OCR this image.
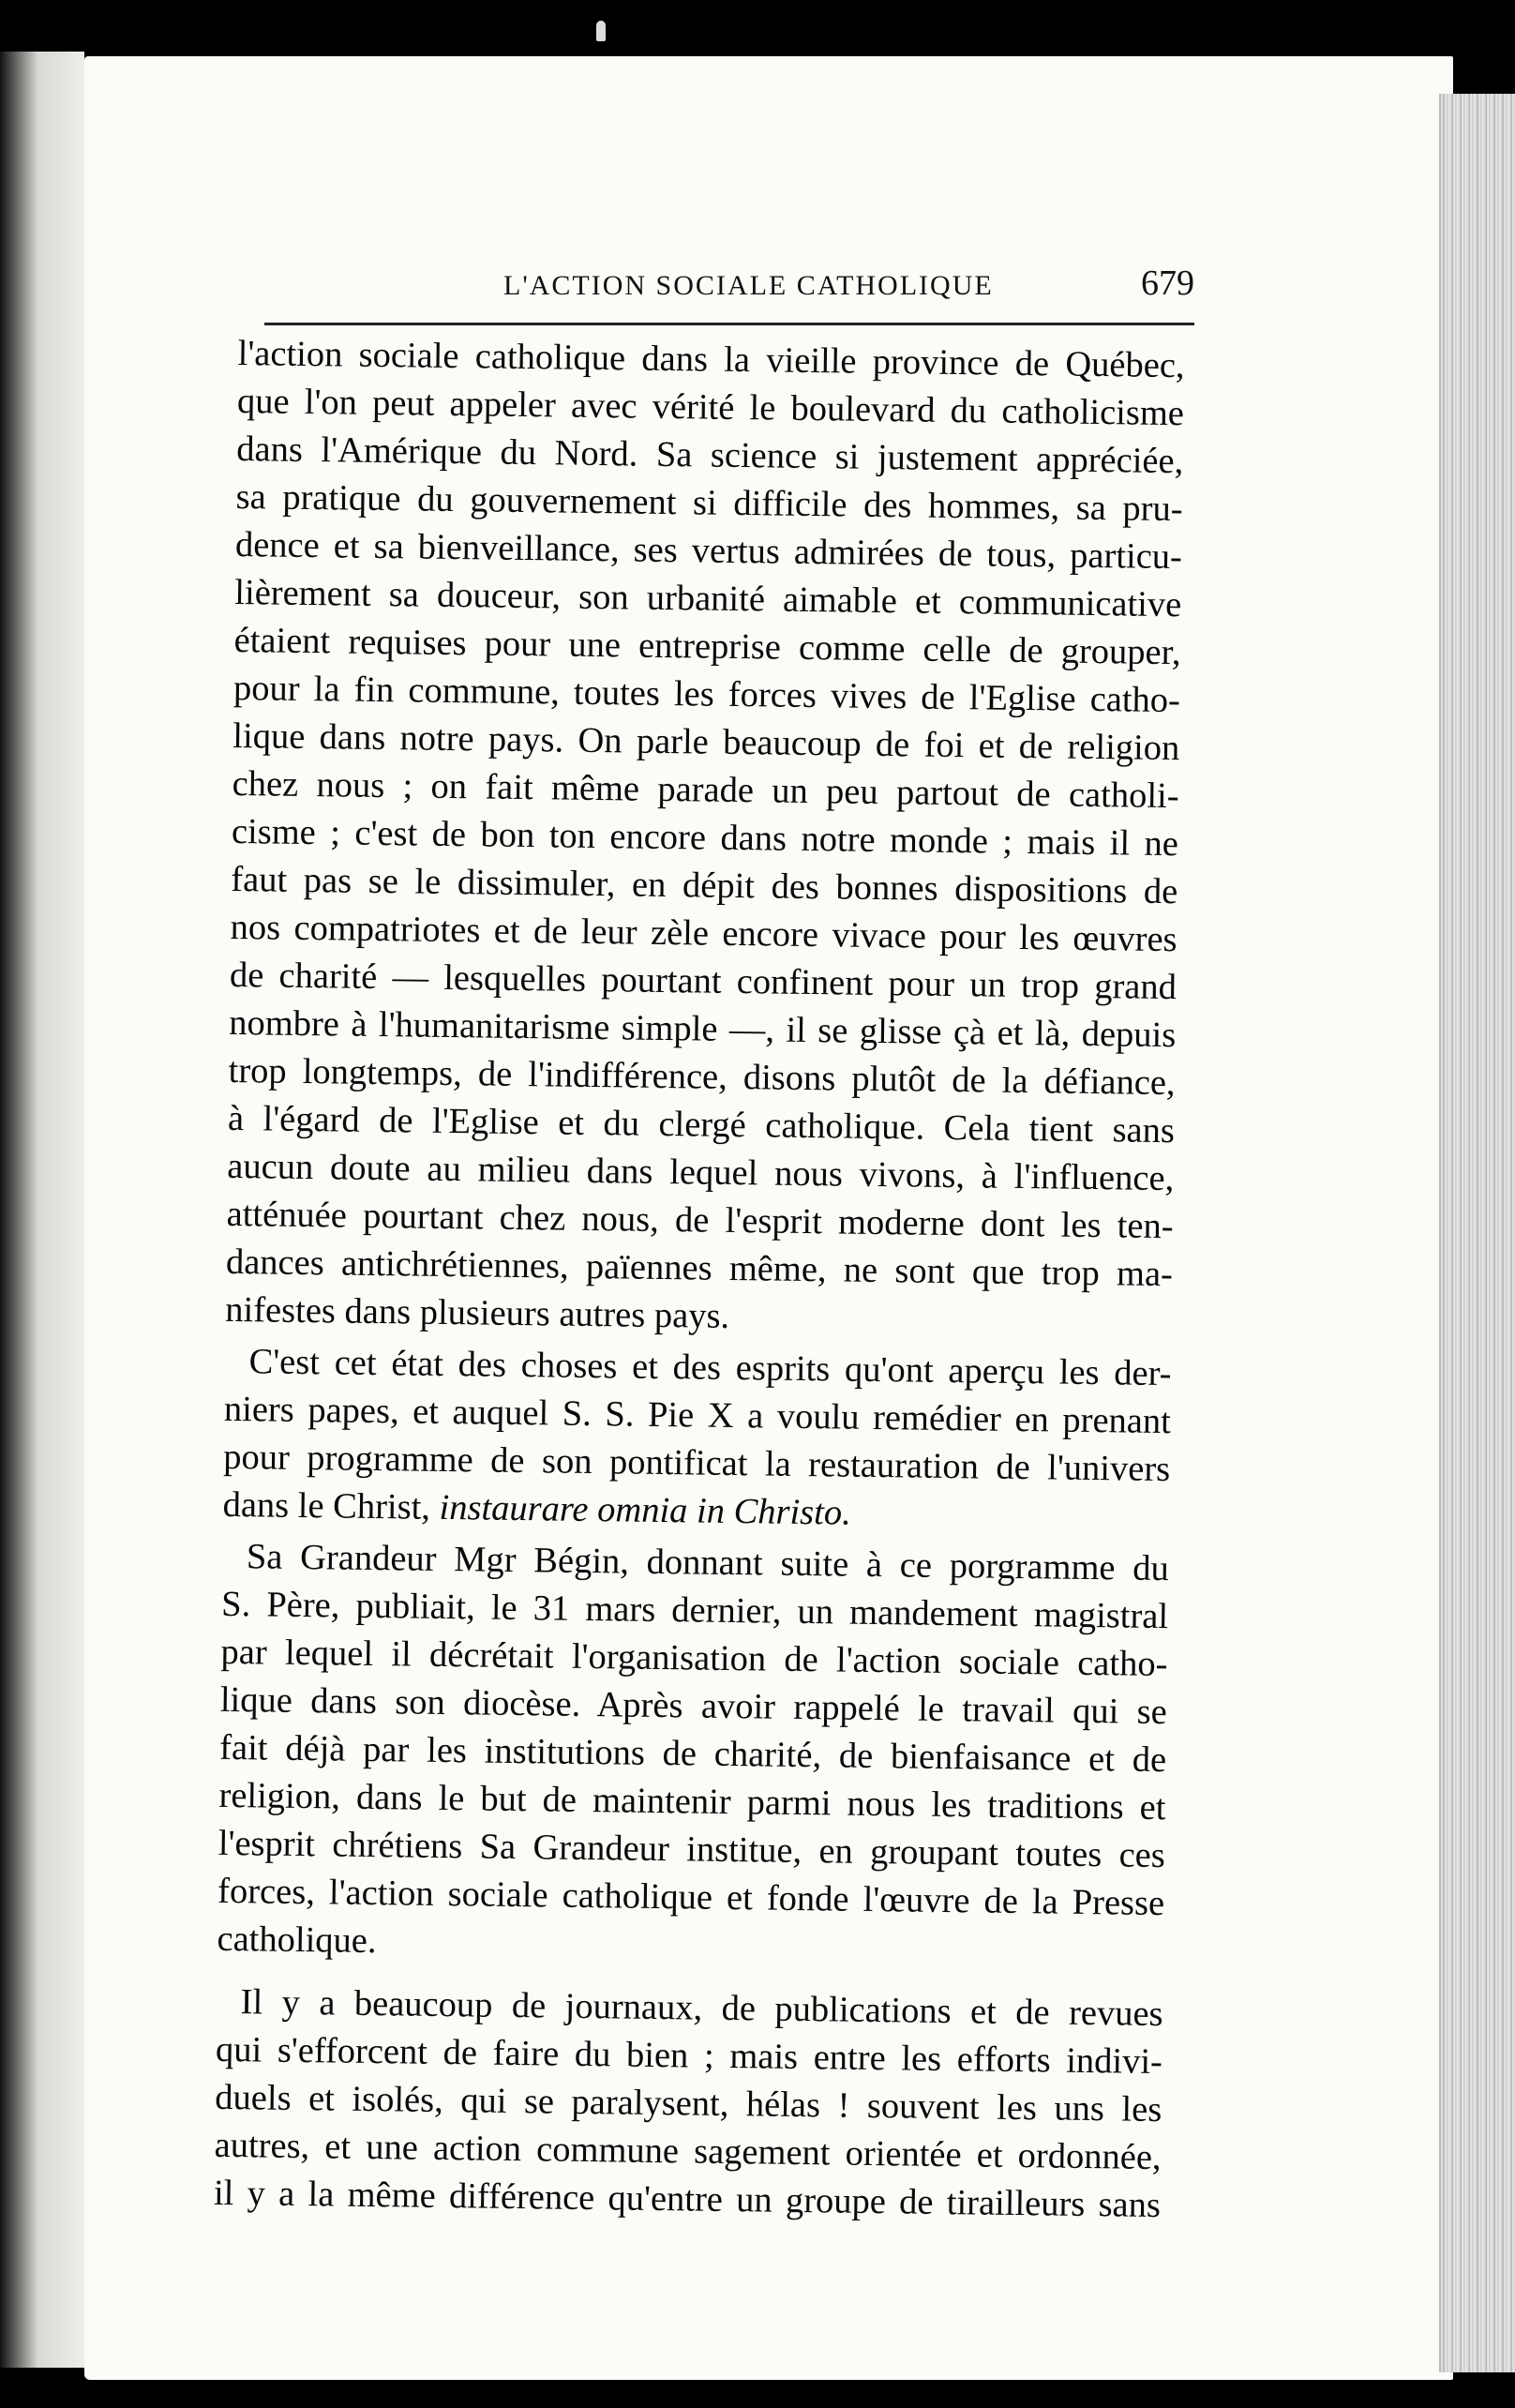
L'ACTION SOCIALE CATHOLIQUE	679

l'action sociale catholique dans la vieille province de Québec,
que l'on peut appeler avec vérité le boulevard du catholicisme
dans l'Amérique du Nord. Sa science si justement appréciée,
sa pratique du gouvernement si difficile des hommes, sa pru-
dence et sa bienveillance, ses vertus admirées de tous, particu-
lièrement sa douceur, son urbanité aimable et communicative
étaient requises pour une entreprise comme celle de grouper,
pour la fin commune, toutes les forces vives de l'Eglise catho-
lique dans notre pays. On parle beaucoup de foi et de religion
chez nous ; on fait même parade un peu partout de catholi-
cisme ; c'est de bon ton encore dans notre monde ; mais il ne
faut pas se le dissimuler, en dépit des bonnes dispositions de
nos compatriotes et de leur zèle encore vivace pour les œuvres
de charité — lesquelles pourtant confinent pour un trop grand
nombre à l'humanitarisme simple —, il se glisse çà et là, depuis
trop longtemps, de l'indifférence, disons plutôt de la défiance,
à l'égard de l'Eglise et du clergé catholique. Cela tient sans
aucun doute au milieu dans lequel nous vivons, à l'influence,
atténuée pourtant chez nous, de l'esprit moderne dont les ten-
dances antichrétiennes, païennes même, ne sont que trop ma-
nifestes dans plusieurs autres pays.

C'est cet état des choses et des esprits qu'ont aperçu les der-
niers papes, et auquel S. S. Pie X a voulu remédier en prenant
pour programme de son pontificat la restauration de l'univers
dans le Christ, instaurare omnia in Christo.

Sa Grandeur Mgr Bégin, donnant suite à ce porgramme du
S. Père, publiait, le 31 mars dernier, un mandement magistral
par lequel il décrétait l'organisation de l'action sociale catho-
lique dans son diocèse. Après avoir rappelé le travail qui se
fait déjà par les institutions de charité, de bienfaisance et de
religion, dans le but de maintenir parmi nous les traditions et
l'esprit chrétiens Sa Grandeur institue, en groupant toutes ces
forces, l'action sociale catholique et fonde l'œuvre de la Presse
catholique.

Il y a beaucoup de journaux, de publications et de revues
qui s'efforcent de faire du bien ; mais entre les efforts indivi-
duels et isolés, qui se paralysent, hélas ! souvent les uns les
autres, et une action commune sagement orientée et ordonnée,
il y a la même différence qu'entre un groupe de tirailleurs sans
